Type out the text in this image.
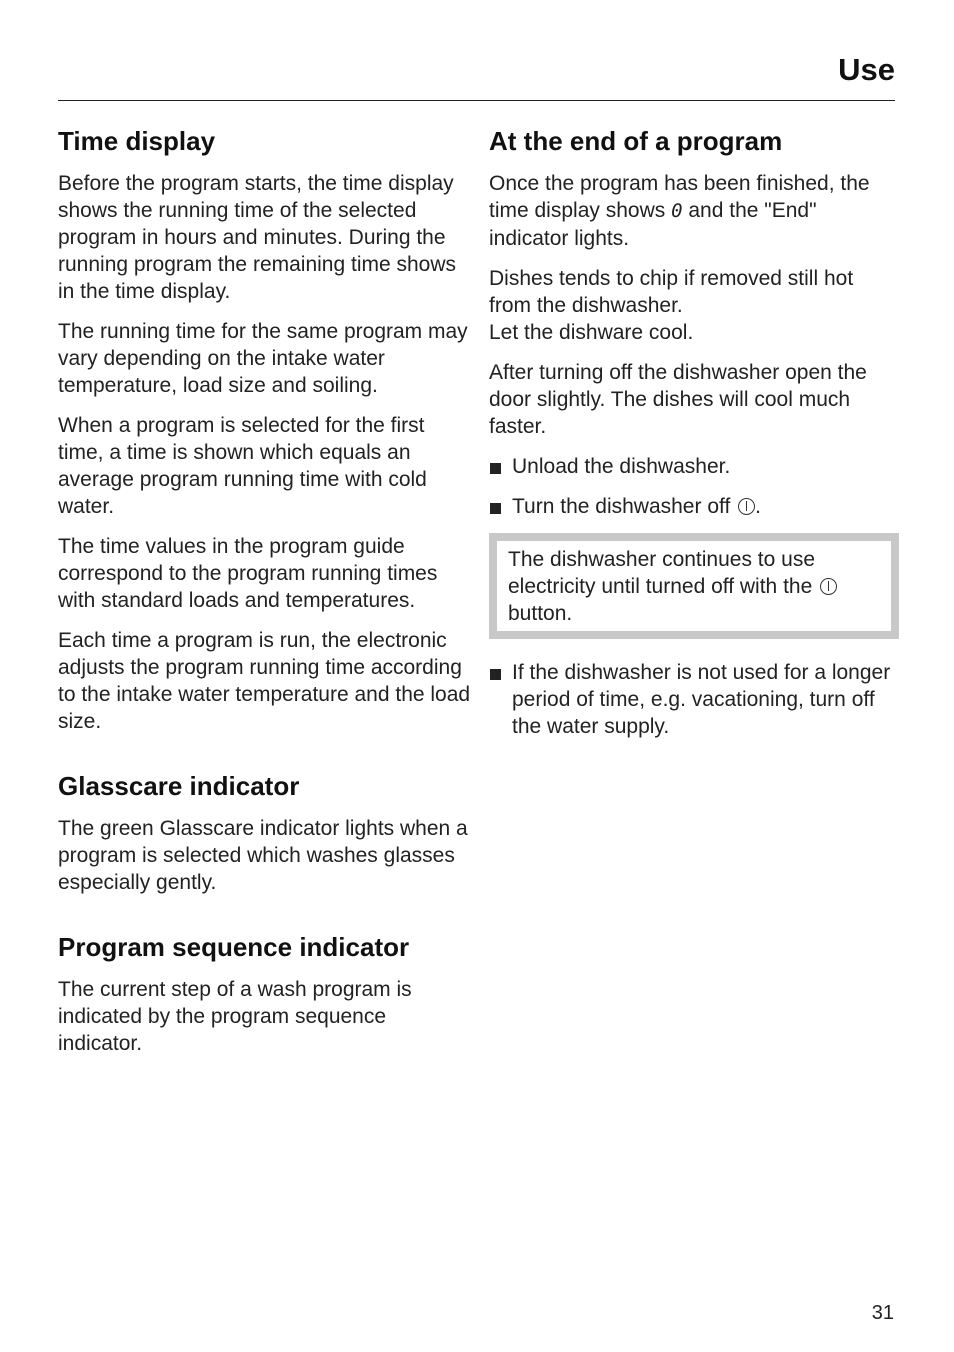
Use
Time display

Before the program starts, the time display shows the running time of the selected program in hours and minutes. During the running program the remaining time shows in the time display.

The running time for the same program may vary depending on the intake water temperature, load size and soiling.

When a program is selected for the first time, a time is shown which equals an average program running time with cold water.

The time values in the program guide correspond to the program running times with standard loads and temperatures.

Each time a program is run, the electronic adjusts the program running time according to the intake water temperature and the load size.

Glasscare indicator

The green Glasscare indicator lights when a program is selected which washes glasses especially gently.

Program sequence indicator

The current step of a wash program is indicated by the program sequence indicator.

At the end of a program

Once the program has been finished, the time display shows 0 and the "End" indicator lights.

Dishes tends to chip if removed still hot from the dishwasher.
Let the dishware cool.

After turning off the dishwasher open the door slightly. The dishes will cool much faster.

Unload the dishwasher.
Turn the dishwasher off .

The dishwasher continues to use electricity until turned off with the  button.

If the dishwasher is not used for a longer period of time, e.g. vacationing, turn off the water supply.
31
